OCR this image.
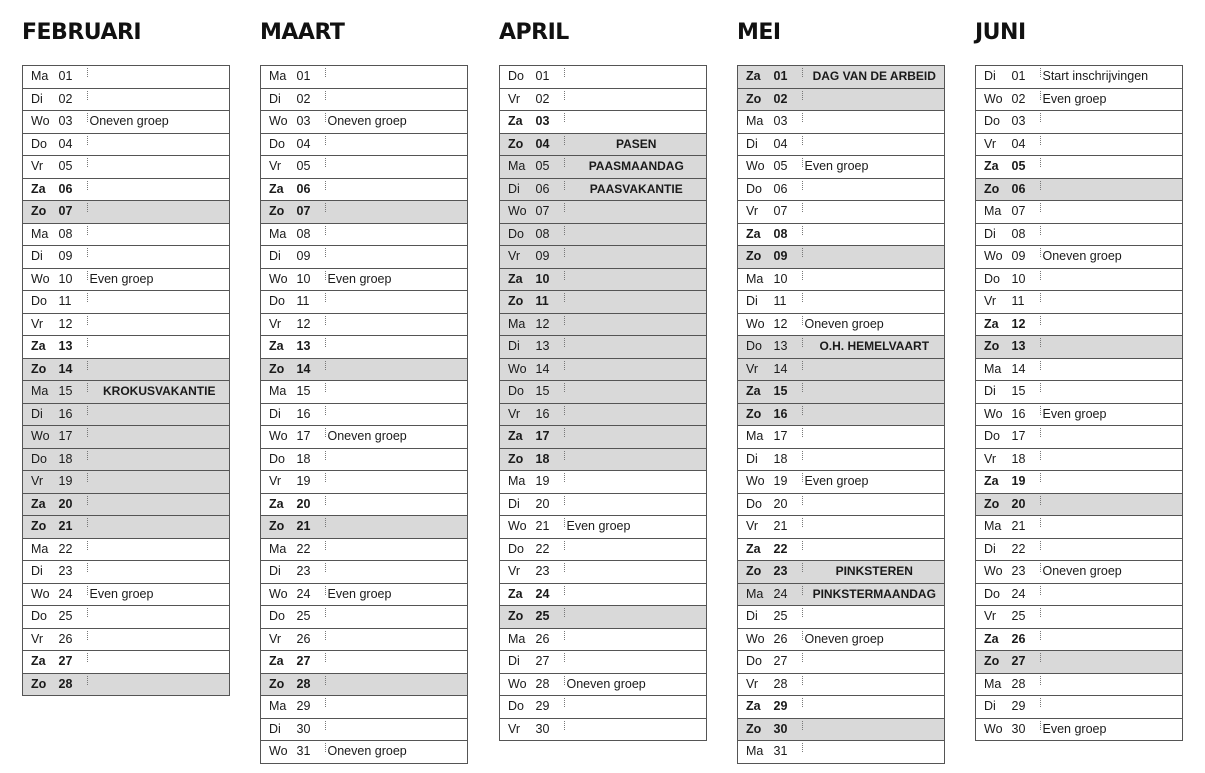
FEBRUARI
Ma	01	
Di	02	
Wo	03	Oneven groep
Do	04	
Vr	05	
Za	06	
Zo	07	
Ma	08	
Di	09	
Wo	10	Even groep
Do	11	
Vr	12	
Za	13	
Zo	14	
Ma	15	KROKUSVAKANTIE
Di	16	
Wo	17	
Do	18	
Vr	19	
Za	20	
Zo	21	
Ma	22	
Di	23	
Wo	24	Even groep
Do	25	
Vr	26	
Za	27	
Zo	28	
MAART
Ma	01	
Di	02	
Wo	03	Oneven groep
Do	04	
Vr	05	
Za	06	
Zo	07	
Ma	08	
Di	09	
Wo	10	Even groep
Do	11	
Vr	12	
Za	13	
Zo	14	
Ma	15	
Di	16	
Wo	17	Oneven groep
Do	18	
Vr	19	
Za	20	
Zo	21	
Ma	22	
Di	23	
Wo	24	Even groep
Do	25	
Vr	26	
Za	27	
Zo	28	
Ma	29	
Di	30	
Wo	31	Oneven groep
APRIL
Do	01	
Vr	02	
Za	03	
Zo	04	PASEN
Ma	05	PAASMAANDAG
Di	06	PAASVAKANTIE
Wo	07	
Do	08	
Vr	09	
Za	10	
Zo	11	
Ma	12	
Di	13	
Wo	14	
Do	15	
Vr	16	
Za	17	
Zo	18	
Ma	19	
Di	20	
Wo	21	Even groep
Do	22	
Vr	23	
Za	24	
Zo	25	
Ma	26	
Di	27	
Wo	28	Oneven groep
Do	29	
Vr	30	
MEI
Za	01	DAG VAN DE ARBEID
Zo	02	
Ma	03	
Di	04	
Wo	05	Even groep
Do	06	
Vr	07	
Za	08	
Zo	09	
Ma	10	
Di	11	
Wo	12	Oneven groep
Do	13	O.H. HEMELVAART
Vr	14	
Za	15	
Zo	16	
Ma	17	
Di	18	
Wo	19	Even groep
Do	20	
Vr	21	
Za	22	
Zo	23	PINKSTEREN
Ma	24	PINKSTERMAANDAG
Di	25	
Wo	26	Oneven groep
Do	27	
Vr	28	
Za	29	
Zo	30	
Ma	31	
JUNI
Di	01	Start inschrijvingen
Wo	02	Even groep
Do	03	
Vr	04	
Za	05	
Zo	06	
Ma	07	
Di	08	
Wo	09	Oneven groep
Do	10	
Vr	11	
Za	12	
Zo	13	
Ma	14	
Di	15	
Wo	16	Even groep
Do	17	
Vr	18	
Za	19	
Zo	20	
Ma	21	
Di	22	
Wo	23	Oneven groep
Do	24	
Vr	25	
Za	26	
Zo	27	
Ma	28	
Di	29	
Wo	30	Even groep
